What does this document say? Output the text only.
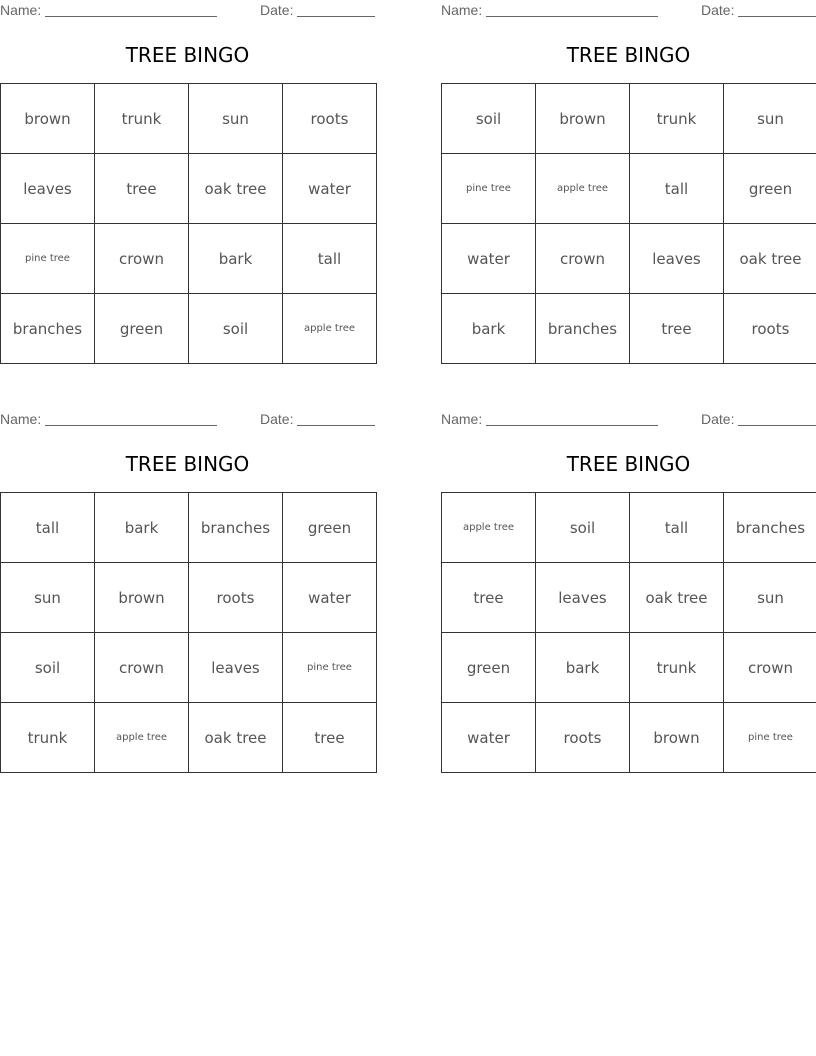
Name:	Date:
TREE BINGO
brown	trunk	sun	roots
leaves	tree	oak tree	water
pine tree	crown	bark	tall
branches	green	soil	apple tree
Name:	Date:
TREE BINGO
soil	brown	trunk	sun
pine tree	apple tree	tall	green
water	crown	leaves	oak tree
bark	branches	tree	roots
Name:	Date:
TREE BINGO
tall	bark	branches	green
sun	brown	roots	water
soil	crown	leaves	pine tree
trunk	apple tree	oak tree	tree
Name:	Date:
TREE BINGO
apple tree	soil	tall	branches
tree	leaves	oak tree	sun
green	bark	trunk	crown
water	roots	brown	pine tree
